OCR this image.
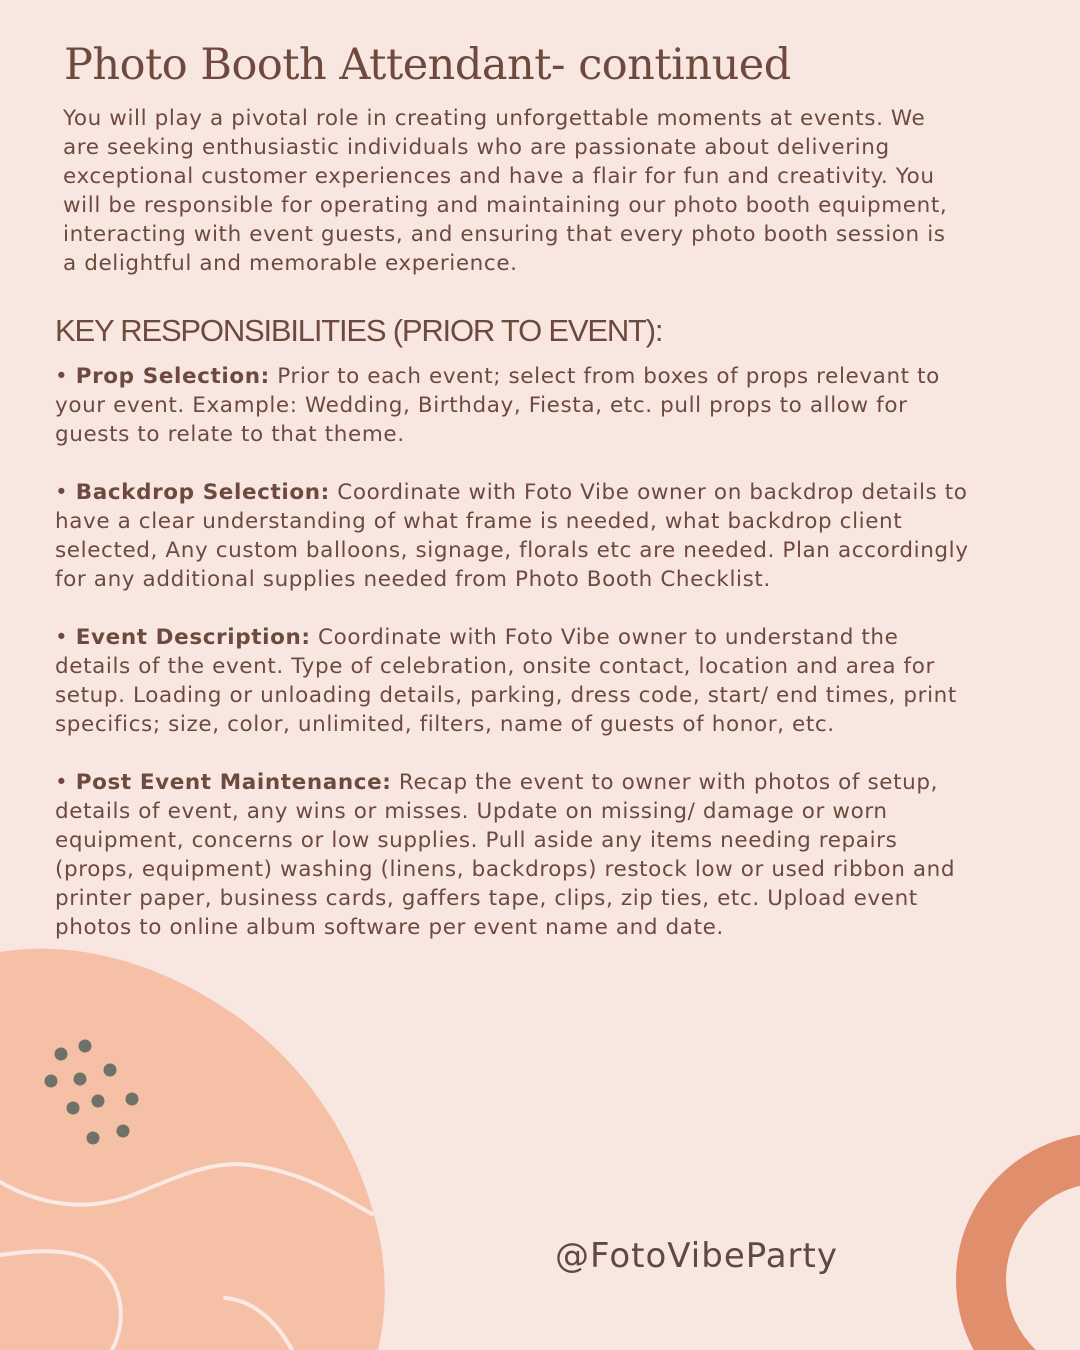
Photo Booth Attendant- continued

You will play a pivotal role in creating unforgettable moments at events. We are seeking enthusiastic individuals who are passionate about delivering exceptional customer experiences and have a flair for fun and creativity. You will be responsible for operating and maintaining our photo booth equipment, interacting with event guests, and ensuring that every photo booth session is a delightful and memorable experience.

KEY RESPONSIBILITIES (PRIOR TO EVENT):
• Prop Selection: Prior to each event; select from boxes of props relevant to your event. Example: Wedding, Birthday, Fiesta, etc. pull props to allow for guests to relate to that theme.
• Backdrop Selection: Coordinate with Foto Vibe owner on backdrop details to have a clear understanding of what frame is needed, what backdrop client selected, Any custom balloons, signage, florals etc are needed. Plan accordingly for any additional supplies needed from Photo Booth Checklist.
• Event Description: Coordinate with Foto Vibe owner to understand the details of the event. Type of celebration, onsite contact, location and area for setup. Loading or unloading details, parking, dress code, start/ end times, print specifics; size, color, unlimited, filters, name of guests of honor, etc.
• Post Event Maintenance: Recap the event to owner with photos of setup, details of event, any wins or misses. Update on missing/ damage or worn equipment, concerns or low supplies. Pull aside any items needing repairs (props, equipment) washing (linens, backdrops) restock low or used ribbon and printer paper, business cards, gaffers tape, clips, zip ties, etc. Upload event photos to online album software per event name and date.

@FotoVibeParty
